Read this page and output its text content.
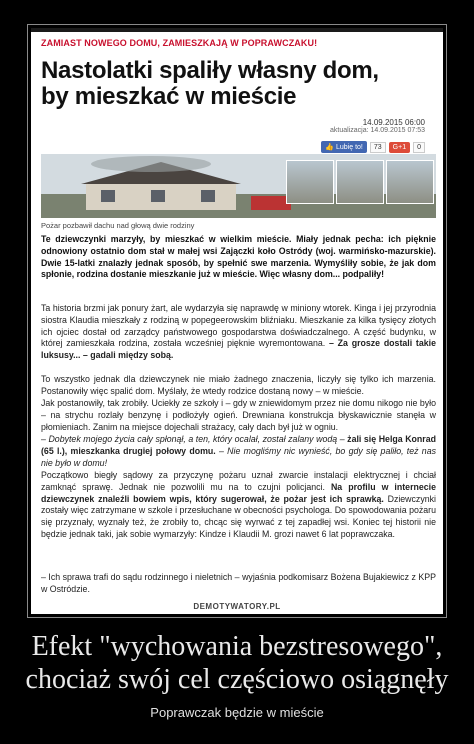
ZAMIAST NOWEGO DOMU, ZAMIESZKAJĄ W POPRAWCZAKU!
Nastolatki spaliły własny dom,
by mieszkać w mieście
14.09.2015 06:00
aktualizacja: 14.09.2015 07:53
👍 Lubię to!	73	G+1	0
Pożar pozbawił dachu nad głową dwie rodziny
Te dziewczynki marzyły, by mieszkać w wielkim mieście. Miały jednak pecha: ich pięknie odnowiony ostatnio dom stał w małej wsi Zajączki koło Ostródy (woj. warmińsko-mazurskie). Dwie 15-latki znalazły jednak sposób, by spełnić swe marzenia. Wymyśliły sobie, że jak dom spłonie, rodzina dostanie mieszkanie już w mieście. Więc własny dom... podpaliły!
Ta historia brzmi jak ponury żart, ale wydarzyła się naprawdę w miniony wtorek. Kinga i jej przyrodnia siostra Klaudia mieszkały z rodziną w popegeerowskim bliźniaku. Mieszkanie za kilka tysięcy złotych ich ojciec dostał od zarządcy państwowego gospodarstwa doświadczalnego. A część budynku, w której zamieszkała rodzina, została wcześniej pięknie wyremontowana. – Za grosze dostali takie luksusy... – gadali między sobą.
To wszystko jednak dla dziewczynek nie miało żadnego znaczenia, liczyły się tylko ich marzenia. Postanowiły więc spalić dom. Myślały, że wtedy rodzice dostaną nowy – w mieście.
Jak postanowiły, tak zrobiły. Uciekły ze szkoły i – gdy w zniewidomym przez nie domu nikogo nie było – na strychu rozlały benzynę i podłożyły ogień. Drewniana konstrukcja błyskawicznie stanęła w płomieniach. Zanim na miejsce dojechali strażacy, cały dach był już w ogniu.
– Dobytek mojego życia cały spłonął, a ten, który ocalał, został zalany wodą – żali się Helga Konrad (65 l.), mieszkanka drugiej połowy domu. – Nie mogliśmy nic wynieść, bo gdy się paliło, też nas nie było w domu!
Początkowo biegły sądowy za przyczynę pożaru uznał zwarcie instalacji elektrycznej i chciał zamknąć sprawę. Jednak nie pozwolili mu na to czujni policjanci. Na profilu w internecie dziewczynek znaleźli bowiem wpis, który sugerował, że pożar jest ich sprawką. Dziewczynki zostały więc zatrzymane w szkole i przesłuchane w obecności psychologa. Do spowodowania pożaru się przyznały, wyznały też, że zrobiły to, chcąc się wyrwać z tej zapadłej wsi. Koniec tej historii nie będzie jednak taki, jak sobie wymarzyły: Kindze i Klaudii M. grozi nawet 6 lat poprawczaka.
– Ich sprawa trafi do sądu rodzinnego i nieletnich – wyjaśnia podkomisarz Bożena Bujakiewicz z KPP w Ostródzie.
DEMOTYWATORY.PL
Efekt "wychowania bezstresowego",
chociaż swój cel częściowo osiągnęły
Poprawczak będzie w mieście
